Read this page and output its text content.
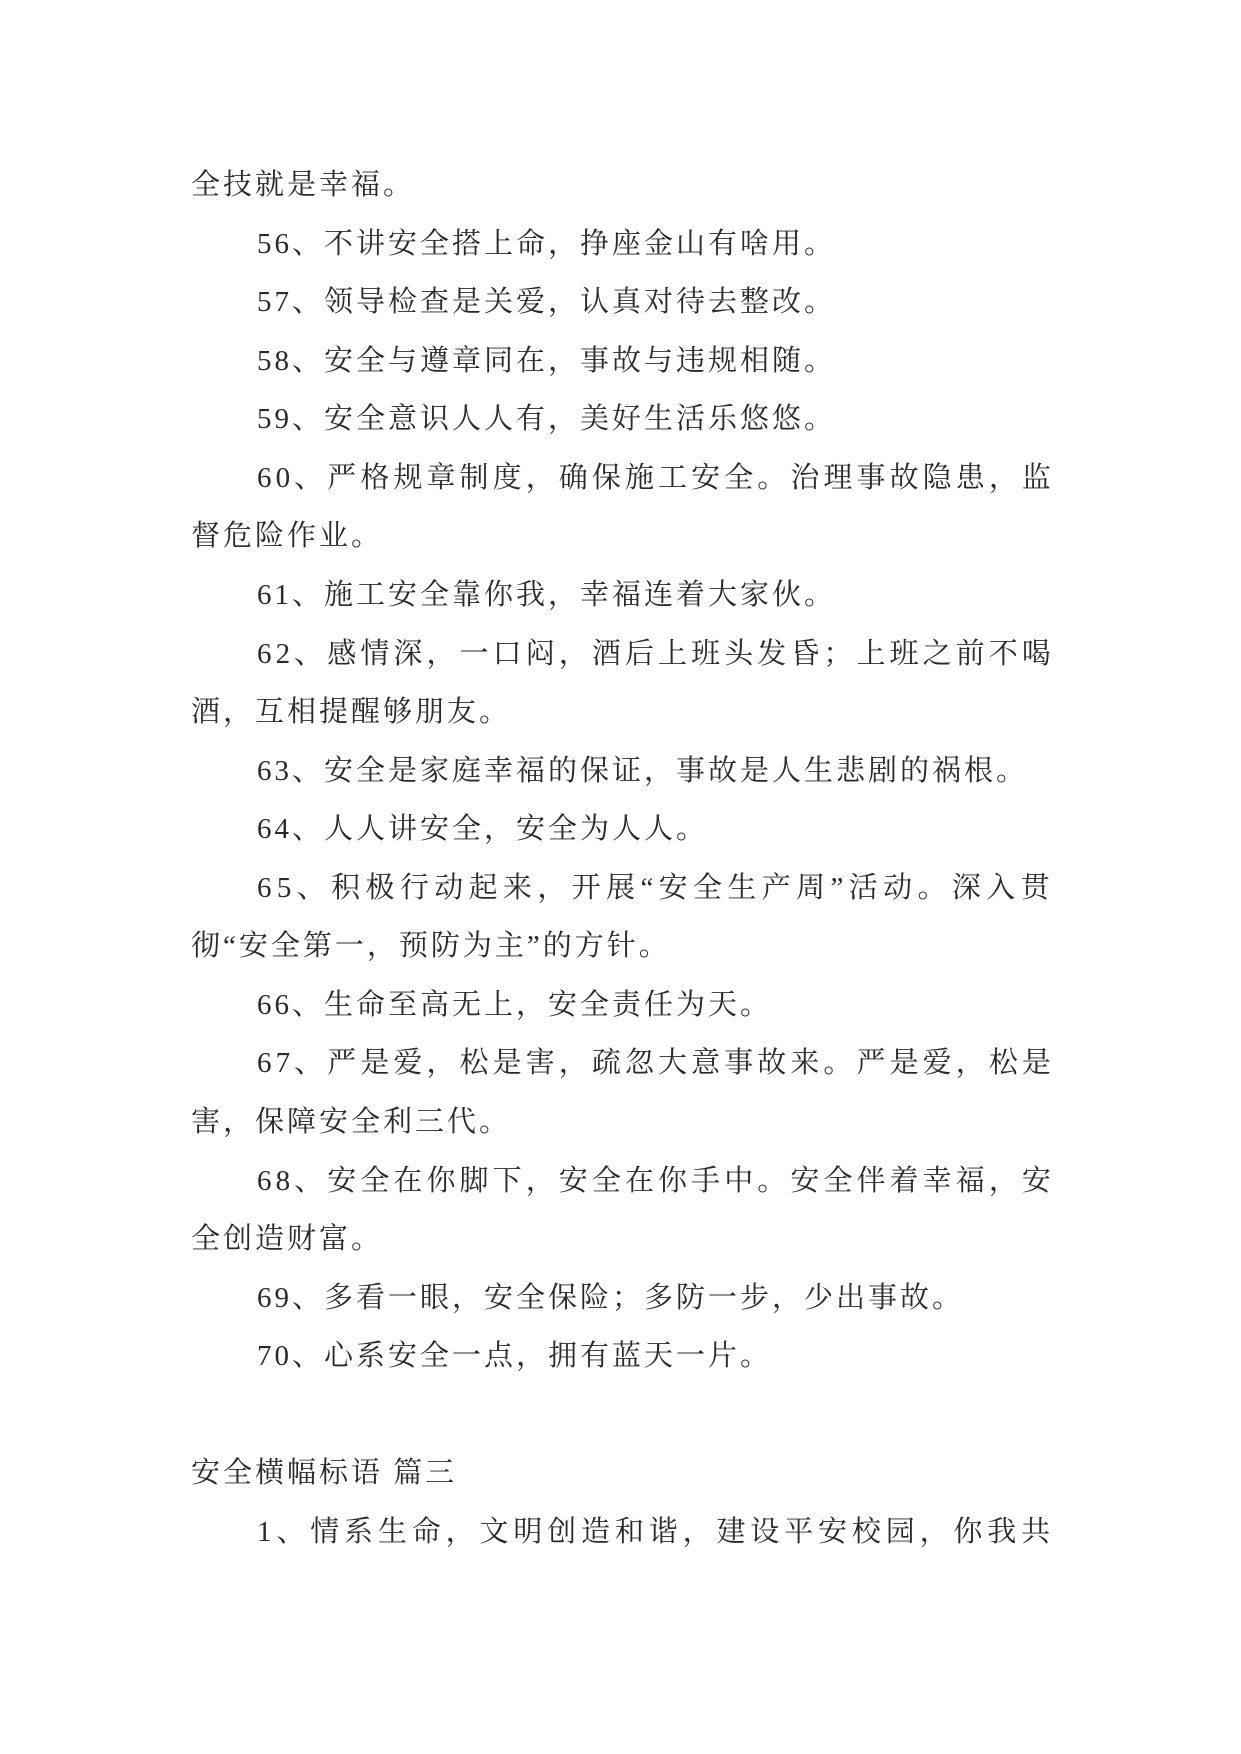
全技就是幸福。
56、不讲安全搭上命，挣座金山有啥用。
57、领导检查是关爱，认真对待去整改。
58、安全与遵章同在，事故与违规相随。
59、安全意识人人有，美好生活乐悠悠。
60、严格规章制度，确保施工安全。治理事故隐患，监
督危险作业。
61、施工安全靠你我，幸福连着大家伙。
62、感情深，一口闷，酒后上班头发昏；上班之前不喝
酒，互相提醒够朋友。
63、安全是家庭幸福的保证，事故是人生悲剧的祸根。
64、人人讲安全，安全为人人。
65、积极行动起来，开展“安全生产周”活动。深入贯
彻“安全第一，预防为主”的方针。
66、生命至高无上，安全责任为天。
67、严是爱，松是害，疏忽大意事故来。严是爱，松是
害，保障安全利三代。
68、安全在你脚下，安全在你手中。安全伴着幸福，安
全创造财富。
69、多看一眼，安全保险；多防一步，少出事故。
70、心系安全一点，拥有蓝天一片。
安全横幅标语 篇三
1、情系生命，文明创造和谐，建设平安校园，你我共
